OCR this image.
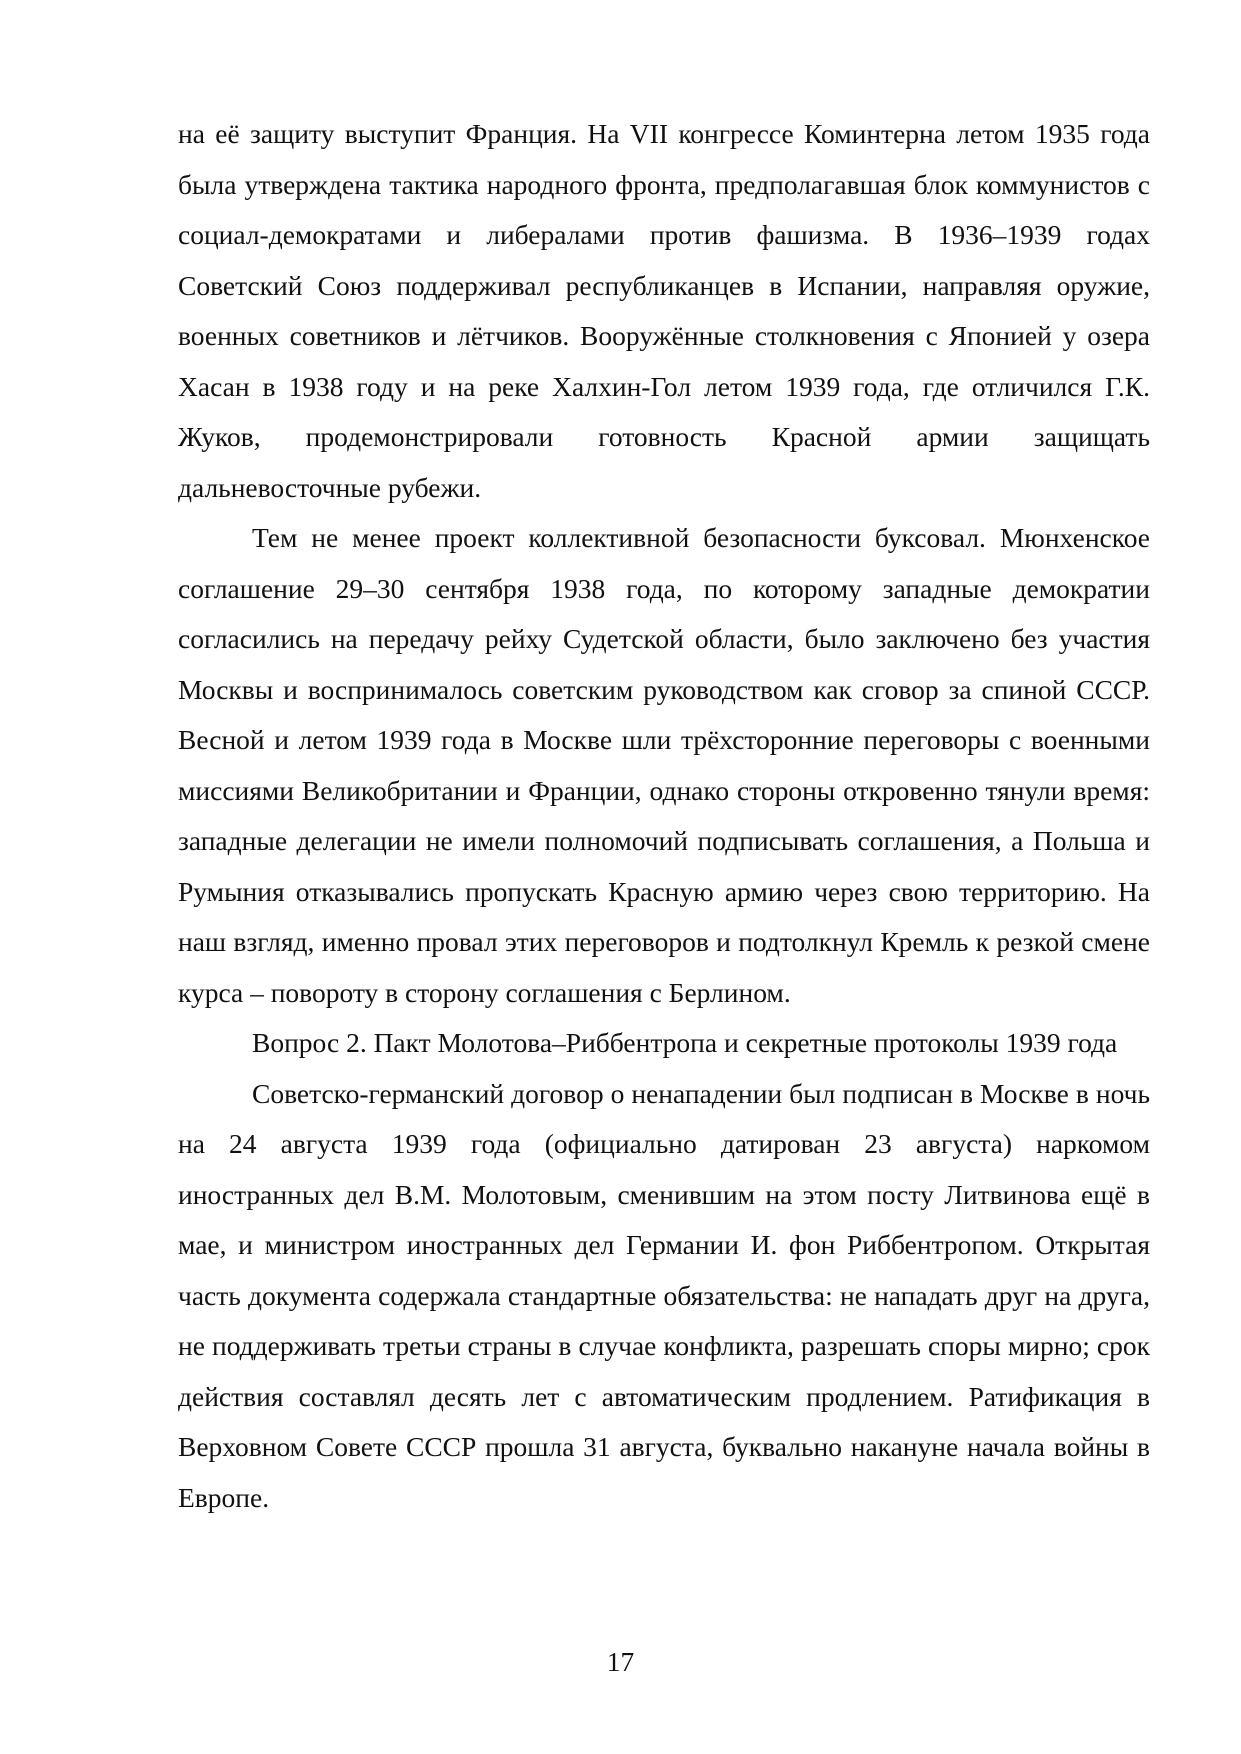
на её защиту выступит Франция. На VII конгрессе Коминтерна летом 1935 года была утверждена тактика народного фронта, предполагавшая блок коммунистов с социал-демократами и либералами против фашизма. В 1936–1939 годах Советский Союз поддерживал республиканцев в Испании, направляя оружие, военных советников и лётчиков. Вооружённые столкновения с Японией у озера Хасан в 1938 году и на реке Халхин-Гол летом 1939 года, где отличился Г.К. Жуков, продемонстрировали готовность Красной армии защищать дальневосточные рубежи.

Тем не менее проект коллективной безопасности буксовал. Мюнхенское соглашение 29–30 сентября 1938 года, по которому западные демократии согласились на передачу рейху Судетской области, было заключено без участия Москвы и воспринималось советским руководством как сговор за спиной СССР. Весной и летом 1939 года в Москве шли трёхсторонние переговоры с военными миссиями Великобритании и Франции, однако стороны откровенно тянули время: западные делегации не имели полномочий подписывать соглашения, а Польша и Румыния отказывались пропускать Красную армию через свою территорию. На наш взгляд, именно провал этих переговоров и подтолкнул Кремль к резкой смене курса – повороту в сторону соглашения с Берлином.

Вопрос 2. Пакт Молотова–Риббентропа и секретные протоколы 1939 года

Советско-германский договор о ненападении был подписан в Москве в ночь на 24 августа 1939 года (официально датирован 23 августа) наркомом иностранных дел В.М. Молотовым, сменившим на этом посту Литвинова ещё в мае, и министром иностранных дел Германии И. фон Риббентропом. Открытая часть документа содержала стандартные обязательства: не нападать друг на друга, не поддерживать третьи страны в случае конфликта, разрешать споры мирно; срок действия составлял десять лет с автоматическим продлением. Ратификация в Верховном Совете СССР прошла 31 августа, буквально накануне начала войны в Европе.

17
